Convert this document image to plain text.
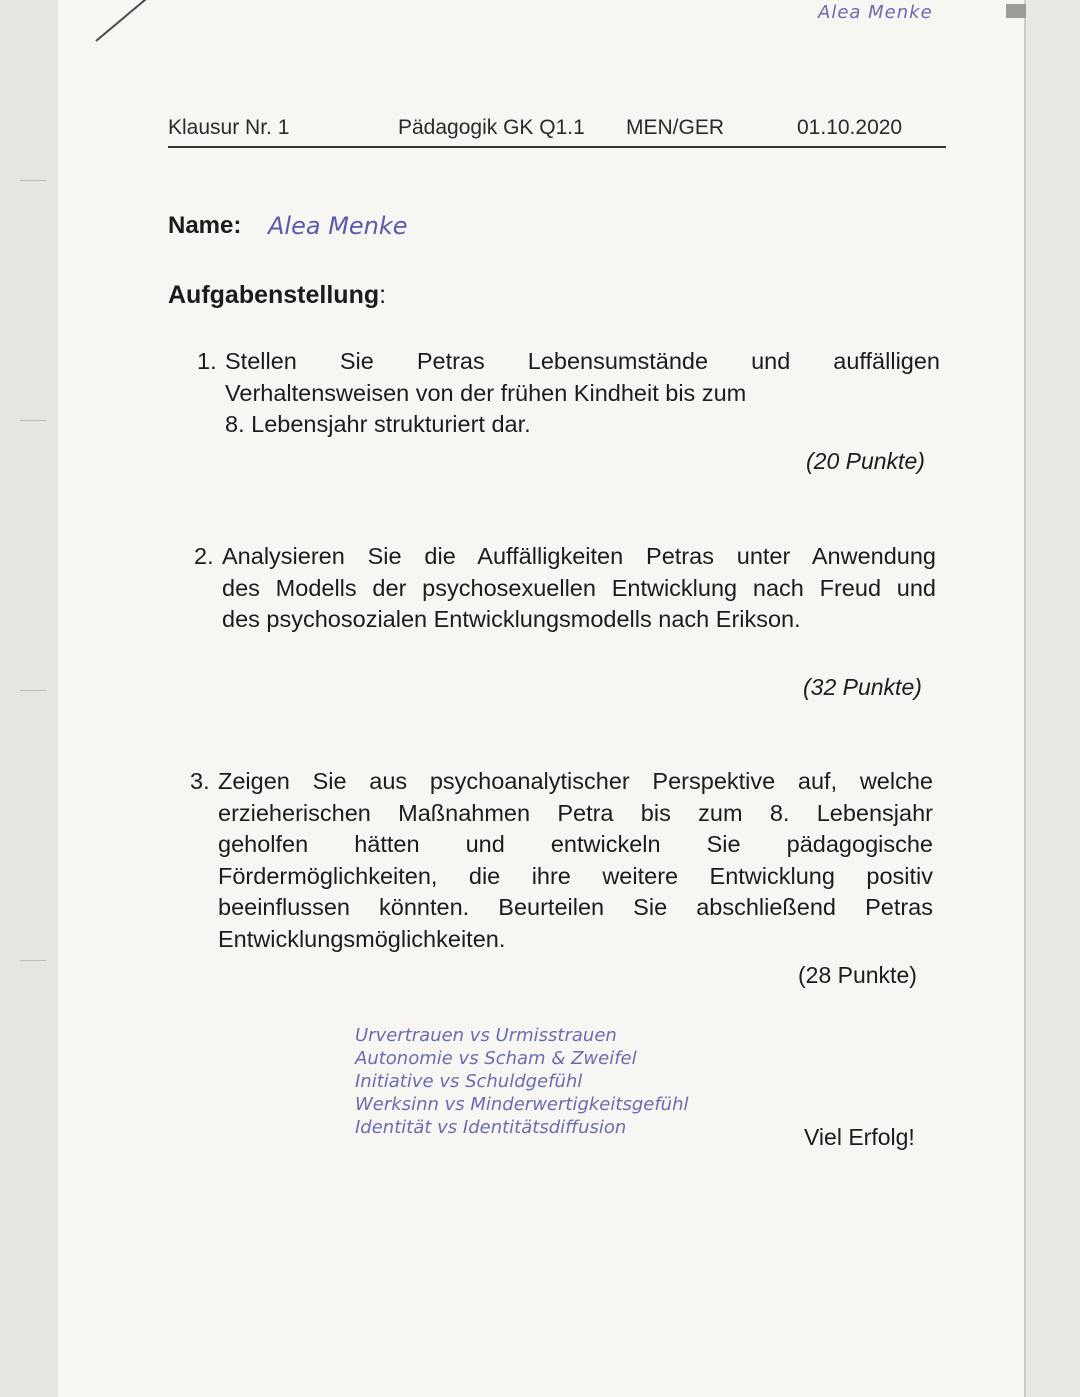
Alea Menke
Klausur Nr. 1	Pädagogik GK Q1.1 MEN/GER	01.10.2020
Name: Alea Menke
Aufgabenstellung:
1. Stellen Sie Petras Lebensumstände und auffälligen
Verhaltensweisen von der frühen Kindheit bis zum
8. Lebensjahr strukturiert dar.
(20 Punkte)
2. Analysieren Sie die Auffälligkeiten Petras unter Anwendung
des Modells der psychosexuellen Entwicklung nach Freud und
des psychosozialen Entwicklungsmodells nach Erikson.
(32 Punkte)
3. Zeigen Sie aus psychoanalytischer Perspektive auf, welche
erzieherischen Maßnahmen Petra bis zum 8. Lebensjahr
geholfen hätten und entwickeln Sie pädagogische
Fördermöglichkeiten, die ihre weitere Entwicklung positiv
beeinflussen könnten. Beurteilen Sie abschließend Petras
Entwicklungsmöglichkeiten.
(28 Punkte)
Urvertrauen vs Urmisstrauen
Autonomie vs Scham & Zweifel
Initiative vs Schuldgefühl
Werksinn vs Minderwertigkeitsgefühl
Identität vs Identitätsdiffusion	Viel Erfolg!
